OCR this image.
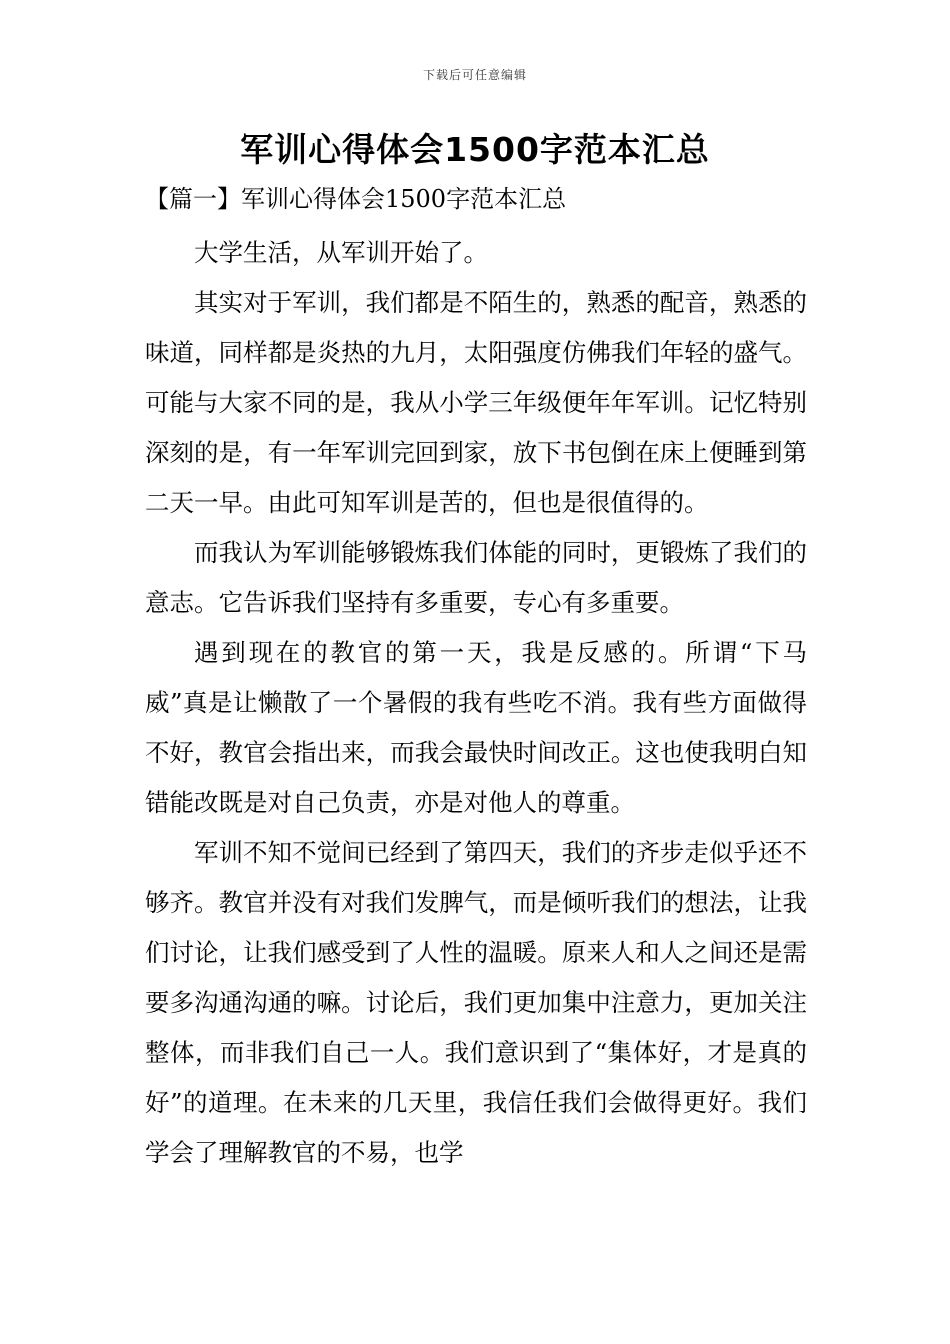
下载后可任意编辑
军训心得体会1500字范本汇总
【篇一】军训心得体会1500字范本汇总

大学生活，从军训开始了。

其实对于军训，我们都是不陌生的，熟悉的配音，熟悉的味道，同样都是炎热的九月，太阳强度仿佛我们年轻的盛气。可能与大家不同的是，我从小学三年级便年年军训。记忆特别深刻的是，有一年军训完回到家，放下书包倒在床上便睡到第二天一早。由此可知军训是苦的，但也是很值得的。

而我认为军训能够锻炼我们体能的同时，更锻炼了我们的意志。它告诉我们坚持有多重要，专心有多重要。

遇到现在的教官的第一天，我是反感的。所谓“下马威”真是让懒散了一个暑假的我有些吃不消。我有些方面做得不好，教官会指出来，而我会最快时间改正。这也使我明白知错能改既是对自己负责，亦是对他人的尊重。

军训不知不觉间已经到了第四天，我们的齐步走似乎还不够齐。教官并没有对我们发脾气，而是倾听我们的想法，让我们讨论，让我们感受到了人性的温暖。原来人和人之间还是需要多沟通沟通的嘛。讨论后，我们更加集中注意力，更加关注整体，而非我们自己一人。我们意识到了“集体好，才是真的好”的道理。在未来的几天里，我信任我们会做得更好。我们学会了理解教官的不易，也学
